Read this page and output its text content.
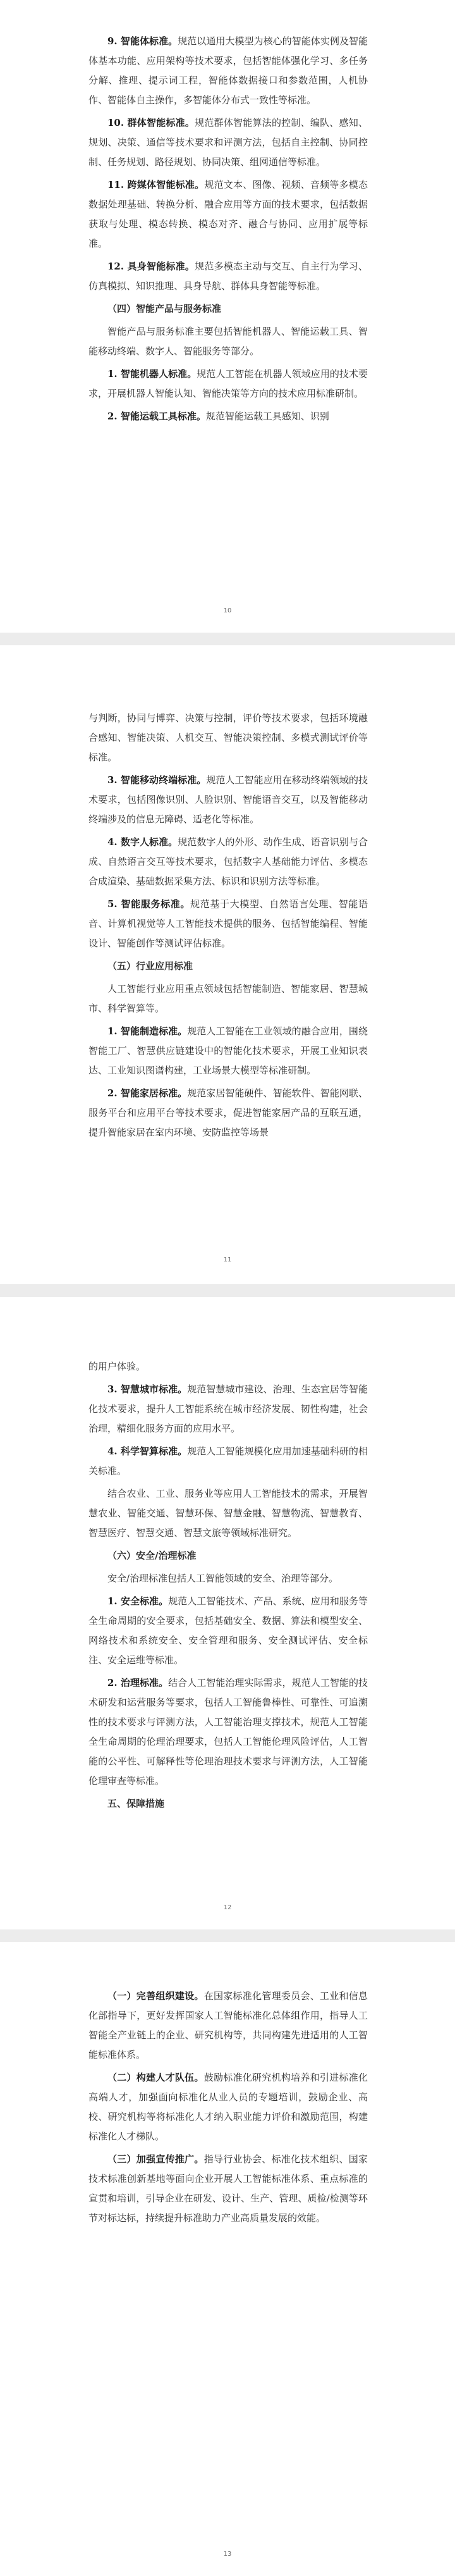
9. 智能体标准。规范以通用大模型为核心的智能体实例及智能体基本功能、应用架构等技术要求，包括智能体强化学习、多任务分解、推理、提示词工程，智能体数据接口和参数范围，人机协作、智能体自主操作，多智能体分布式一致性等标准。

10. 群体智能标准。规范群体智能算法的控制、编队、感知、规划、决策、通信等技术要求和评测方法，包括自主控制、协同控制、任务规划、路径规划、协同决策、组网通信等标准。

11. 跨媒体智能标准。规范文本、图像、视频、音频等多模态数据处理基础、转换分析、融合应用等方面的技术要求，包括数据获取与处理、模态转换、模态对齐、融合与协同、应用扩展等标准。

12. 具身智能标准。规范多模态主动与交互、自主行为学习、仿真模拟、知识推理、具身导航、群体具身智能等标准。

（四）智能产品与服务标准

智能产品与服务标准主要包括智能机器人、智能运载工具、智能移动终端、数字人、智能服务等部分。

1. 智能机器人标准。规范人工智能在机器人领域应用的技术要求，开展机器人智能认知、智能决策等方向的技术应用标准研制。

2. 智能运载工具标准。规范智能运载工具感知、识别

10

与判断，协同与博弈、决策与控制，评价等技术要求，包括环境融合感知、智能决策、人机交互、智能决策控制、多模式测试评价等标准。

3. 智能移动终端标准。规范人工智能应用在移动终端领域的技术要求，包括图像识别、人脸识别、智能语音交互，以及智能移动终端涉及的信息无障碍、适老化等标准。

4. 数字人标准。规范数字人的外形、动作生成、语音识别与合成、自然语言交互等技术要求，包括数字人基础能力评估、多模态合成渲染、基础数据采集方法、标识和识别方法等标准。

5. 智能服务标准。规范基于大模型、自然语言处理、智能语音、计算机视觉等人工智能技术提供的服务、包括智能编程、智能设计、智能创作等测试评估标准。

（五）行业应用标准

人工智能行业应用重点领域包括智能制造、智能家居、智慧城市、科学智算等。

1. 智能制造标准。规范人工智能在工业领域的融合应用，围绕智能工厂、智慧供应链建设中的智能化技术要求，开展工业知识表达、工业知识图谱构建，工业场景大模型等标准研制。

2. 智能家居标准。规范家居智能硬件、智能软件、智能网联、服务平台和应用平台等技术要求，促进智能家居产品的互联互通，提升智能家居在室内环境、安防监控等场景

11

的用户体验。

3. 智慧城市标准。规范智慧城市建设、治理、生态宜居等智能化技术要求，提升人工智能系统在城市经济发展、韧性构建，社会治理，精细化服务方面的应用水平。

4. 科学智算标准。规范人工智能规模化应用加速基础科研的相关标准。

结合农业、工业、服务业等应用人工智能技术的需求，开展智慧农业、智能交通、智慧环保、智慧金融、智慧物流、智慧教育、智慧医疗、智慧交通、智慧文旅等领域标准研究。

（六）安全/治理标准

安全/治理标准包括人工智能领域的安全、治理等部分。

1. 安全标准。规范人工智能技术、产品、系统、应用和服务等全生命周期的安全要求，包括基础安全、数据、算法和模型安全、网络技术和系统安全、安全管理和服务、安全测试评估、安全标注、安全运维等标准。

2. 治理标准。结合人工智能治理实际需求，规范人工智能的技术研发和运营服务等要求，包括人工智能鲁棒性、可靠性、可追溯性的技术要求与评测方法，人工智能治理支撑技术，规范人工智能全生命周期的伦理治理要求，包括人工智能伦理风险评估，人工智能的公平性、可解释性等伦理治理技术要求与评测方法，人工智能伦理审查等标准。

五、保障措施

12

（一）完善组织建设。在国家标准化管理委员会、工业和信息化部指导下，更好发挥国家人工智能标准化总体组作用，指导人工智能全产业链上的企业、研究机构等，共同构建先进适用的人工智能标准体系。

（二）构建人才队伍。鼓励标准化研究机构培养和引进标准化高端人才，加强面向标准化从业人员的专题培训，鼓励企业、高校、研究机构等将标准化人才纳入职业能力评价和激励范围，构建标准化人才梯队。

（三）加强宣传推广。指导行业协会、标准化技术组织、国家技术标准创新基地等面向企业开展人工智能标准体系、重点标准的宣贯和培训，引导企业在研发、设计、生产、管理、质检/检测等环节对标达标，持续提升标准助力产业高质量发展的效能。

13
